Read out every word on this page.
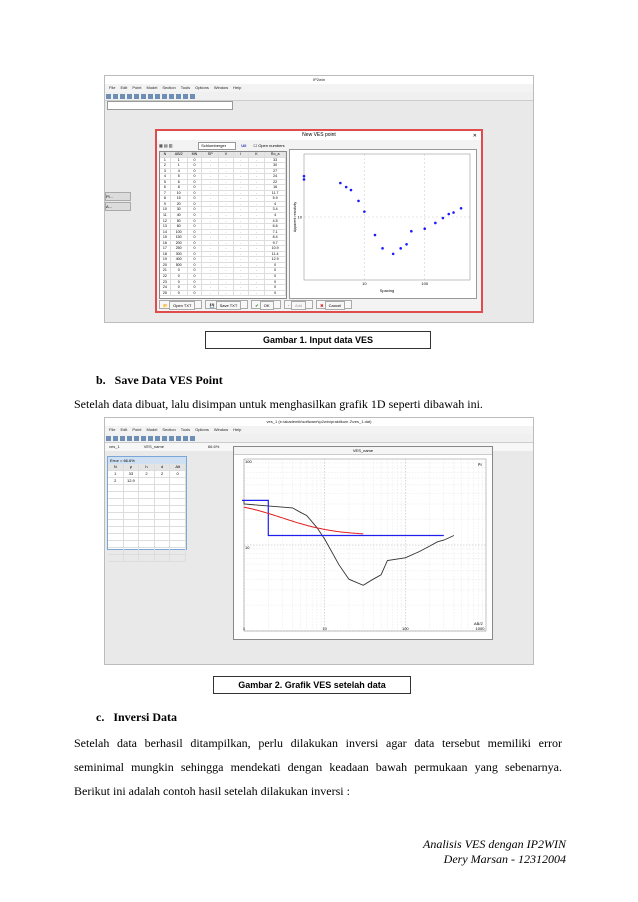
IP2win
File Edit Point Model Section Tools Options Window Help
Pl...
A...
New VES point	✕
▦ ▤ ▥	Schlumberger	U/I ☐ Open numbers
N	AB/2	MN	SP	V	I	K	Ro_a
1	1	0	.	.	.	.	33
2	1	0	.	.	.	.	30
3	4	0	.	.	.	.	27
4	5	0	.	.	.	.	24
5	6	0	.	.	.	.	22
6	8	0	.	.	.	.	16
7	10	0	.	.	.	.	11.7
8	15	0	.	.	.	.	5.9
9	20	0	.	.	.	.	4
10	30	0	.	.	.	.	3.4
11	40	0	.	.	.	.	4
12	50	0	.	.	.	.	4.5
13	60	0	.	.	.	.	6.6
14	100	0	.	.	.	.	7.1
15	150	0	.	.	.	.	8.4
16	200	0	.	.	.	.	9.7
17	250	0	.	.	.	.	10.9
18	300	0	.	.	.	.	11.4
19	400	0	.	.	.	.	12.9
20	500	0	.	.	.	.	0
21	0	0	.	.	.	.	0
22	0	0	.	.	.	.	0
23	0	0	.	.	.	.	0
24	0	0	.	.	.	.	0
25	0	0	.	.	.	.	0
10
10	100
Spacing
Apparent resistivity
📂 Open TXT	💾 Save TXT	✔ OK	+ Add	✖ Cancel
Gambar 1. Input data VES
b.   Save Data VES Point
Setelah data dibuat, lalu disimpan untuk menghasilkan grafik 1D seperti dibawah ini.
ves_1 (e:\akademik\software\ip2win\praktikum 2\ves_1.dat)
File Edit Point Model Section Tools Options Window Help
ves_1	VES_name	66.6%
Error = 66.6%
N	ρ	h	d	Alt
1	33	2	2	0
2	12.9
VES_name
100
10
1	10	100	1000
ρₐ
AB/2
Gambar 2. Grafik VES setelah data
c.   Inversi Data
Setelah data berhasil ditampilkan, perlu dilakukan inversi agar data tersebut memiliki error
seminimal mungkin sehingga mendekati dengan keadaan bawah permukaan yang sebenarnya.
Berikut ini adalah contoh hasil setelah dilakukan inversi :
Analisis VES dengan IP2WIN
Dery Marsan - 12312004
